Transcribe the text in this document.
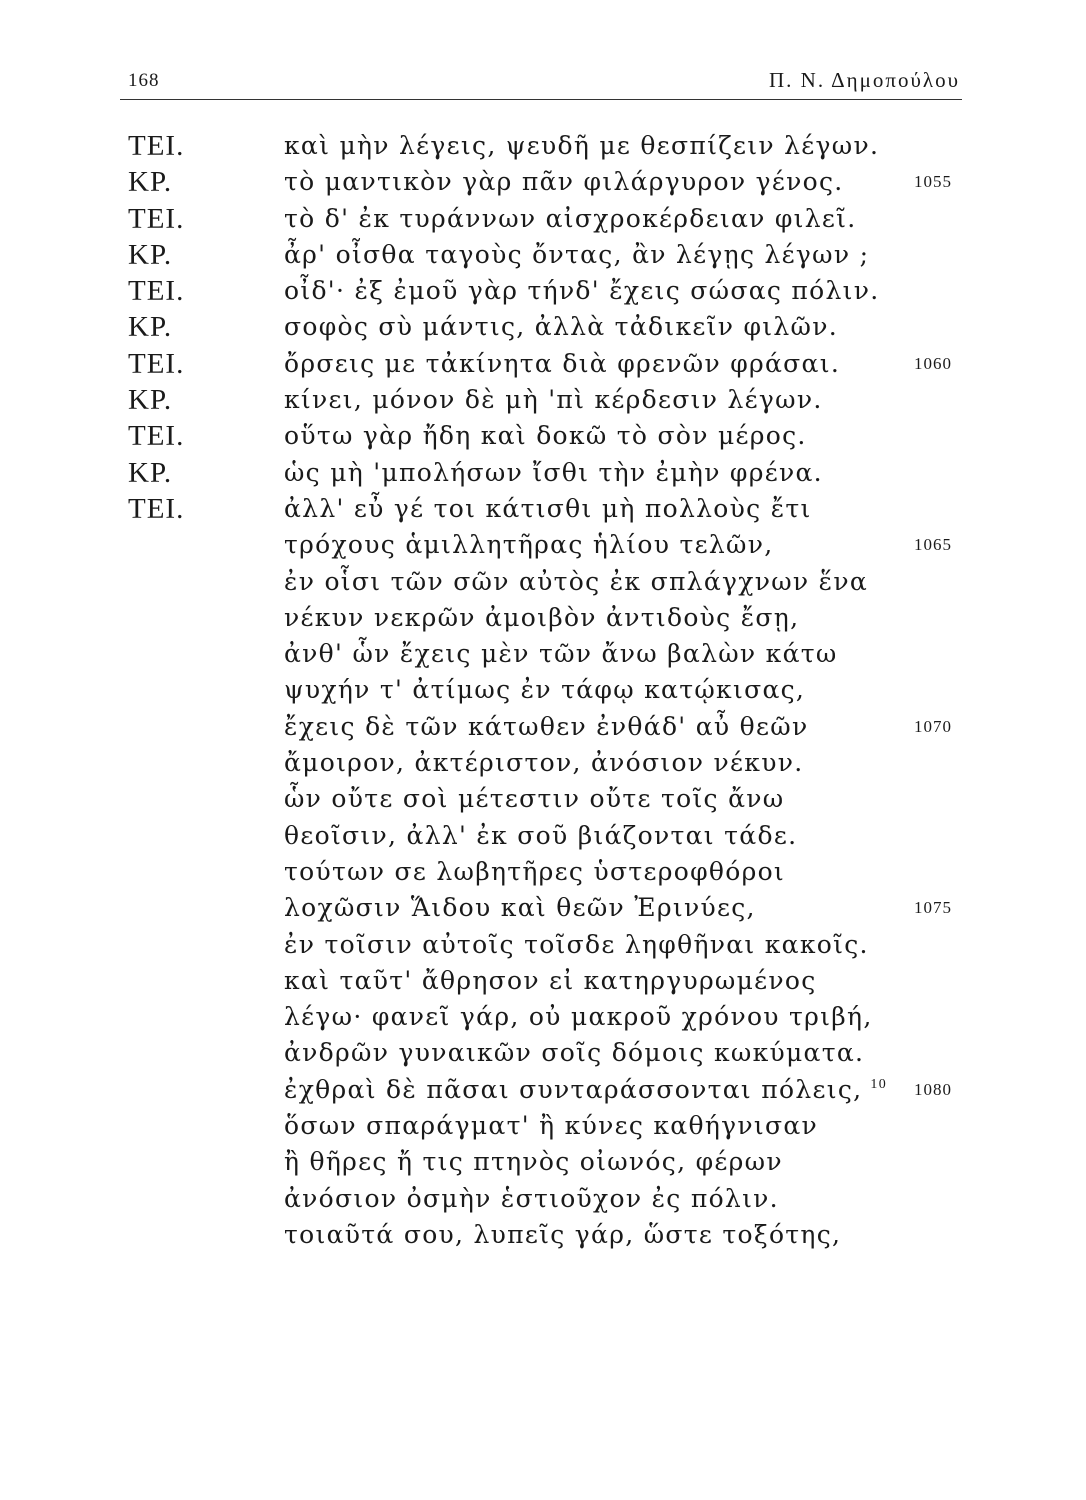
168	Π. Ν. Δημοπούλου
ΤΕΙ.	καὶ μὴν λέγεις, ψευδῆ με θεσπίζειν λέγων.
ΚΡ.	τὸ μαντικὸν γὰρ πᾶν φιλάργυρον γένος.	1055
ΤΕΙ.	τὸ δ' ἐκ τυράννων αἰσχροκέρδειαν φιλεῖ.
ΚΡ.	ἆρ' οἶσθα ταγοὺς ὄντας, ἂν λέγῃς λέγων ;
ΤΕΙ.	οἶδ'· ἐξ ἐμοῦ γὰρ τήνδ' ἔχεις σώσας πόλιν.
ΚΡ.	σοφὸς σὺ μάντις, ἀλλὰ τἀδικεῖν φιλῶν.
ΤΕΙ.	ὄρσεις με τἀκίνητα διὰ φρενῶν φράσαι.	1060
ΚΡ.	κίνει, μόνον δὲ μὴ 'πὶ κέρδεσιν λέγων.
ΤΕΙ.	οὕτω γὰρ ἤδη καὶ δοκῶ τὸ σὸν μέρος.
ΚΡ.	ὡς μὴ 'μπολήσων ἴσθι τὴν ἐμὴν φρένα.
ΤΕΙ.	ἀλλ' εὖ γέ τοι κάτισθι μὴ πολλοὺς ἔτι
τρόχους ἁμιλλητῆρας ἡλίου τελῶν,	1065
ἐν οἷσι τῶν σῶν αὐτὸς ἐκ σπλάγχνων ἕνα
νέκυν νεκρῶν ἀμοιβὸν ἀντιδοὺς ἔσῃ,
ἀνθ' ὧν ἔχεις μὲν τῶν ἄνω βαλὼν κάτω
ψυχήν τ' ἀτίμως ἐν τάφῳ κατῴκισας,
ἔχεις δὲ τῶν κάτωθεν ἐνθάδ' αὖ θεῶν	1070
ἄμοιρον, ἀκτέριστον, ἀνόσιον νέκυν.
ὧν οὔτε σοὶ μέτεστιν οὔτε τοῖς ἄνω
θεοῖσιν, ἀλλ' ἐκ σοῦ βιάζονται τάδε.
τούτων σε λωβητῆρες ὑστεροφθόροι
λοχῶσιν Ἅιδου καὶ θεῶν Ἐρινύες,	1075
ἐν τοῖσιν αὐτοῖς τοῖσδε ληφθῆναι κακοῖς.
καὶ ταῦτ' ἄθρησον εἰ κατηργυρωμένος
λέγω· φανεῖ γάρ, οὐ μακροῦ χρόνου τριβή,
ἀνδρῶν γυναικῶν σοῖς δόμοις κωκύματα.
ἐχθραὶ δὲ πᾶσαι συνταράσσονται πόλεις, $^{10}$ 1080
ὅσων σπαράγματ' ἢ κύνες καθήγνισαν
ἢ θῆρες ἤ τις πτηνὸς οἰωνός, φέρων
ἀνόσιον ὀσμὴν ἑστιοῦχον ἐς πόλιν.
τοιαῦτά σου, λυπεῖς γάρ, ὥστε τοξότης,
